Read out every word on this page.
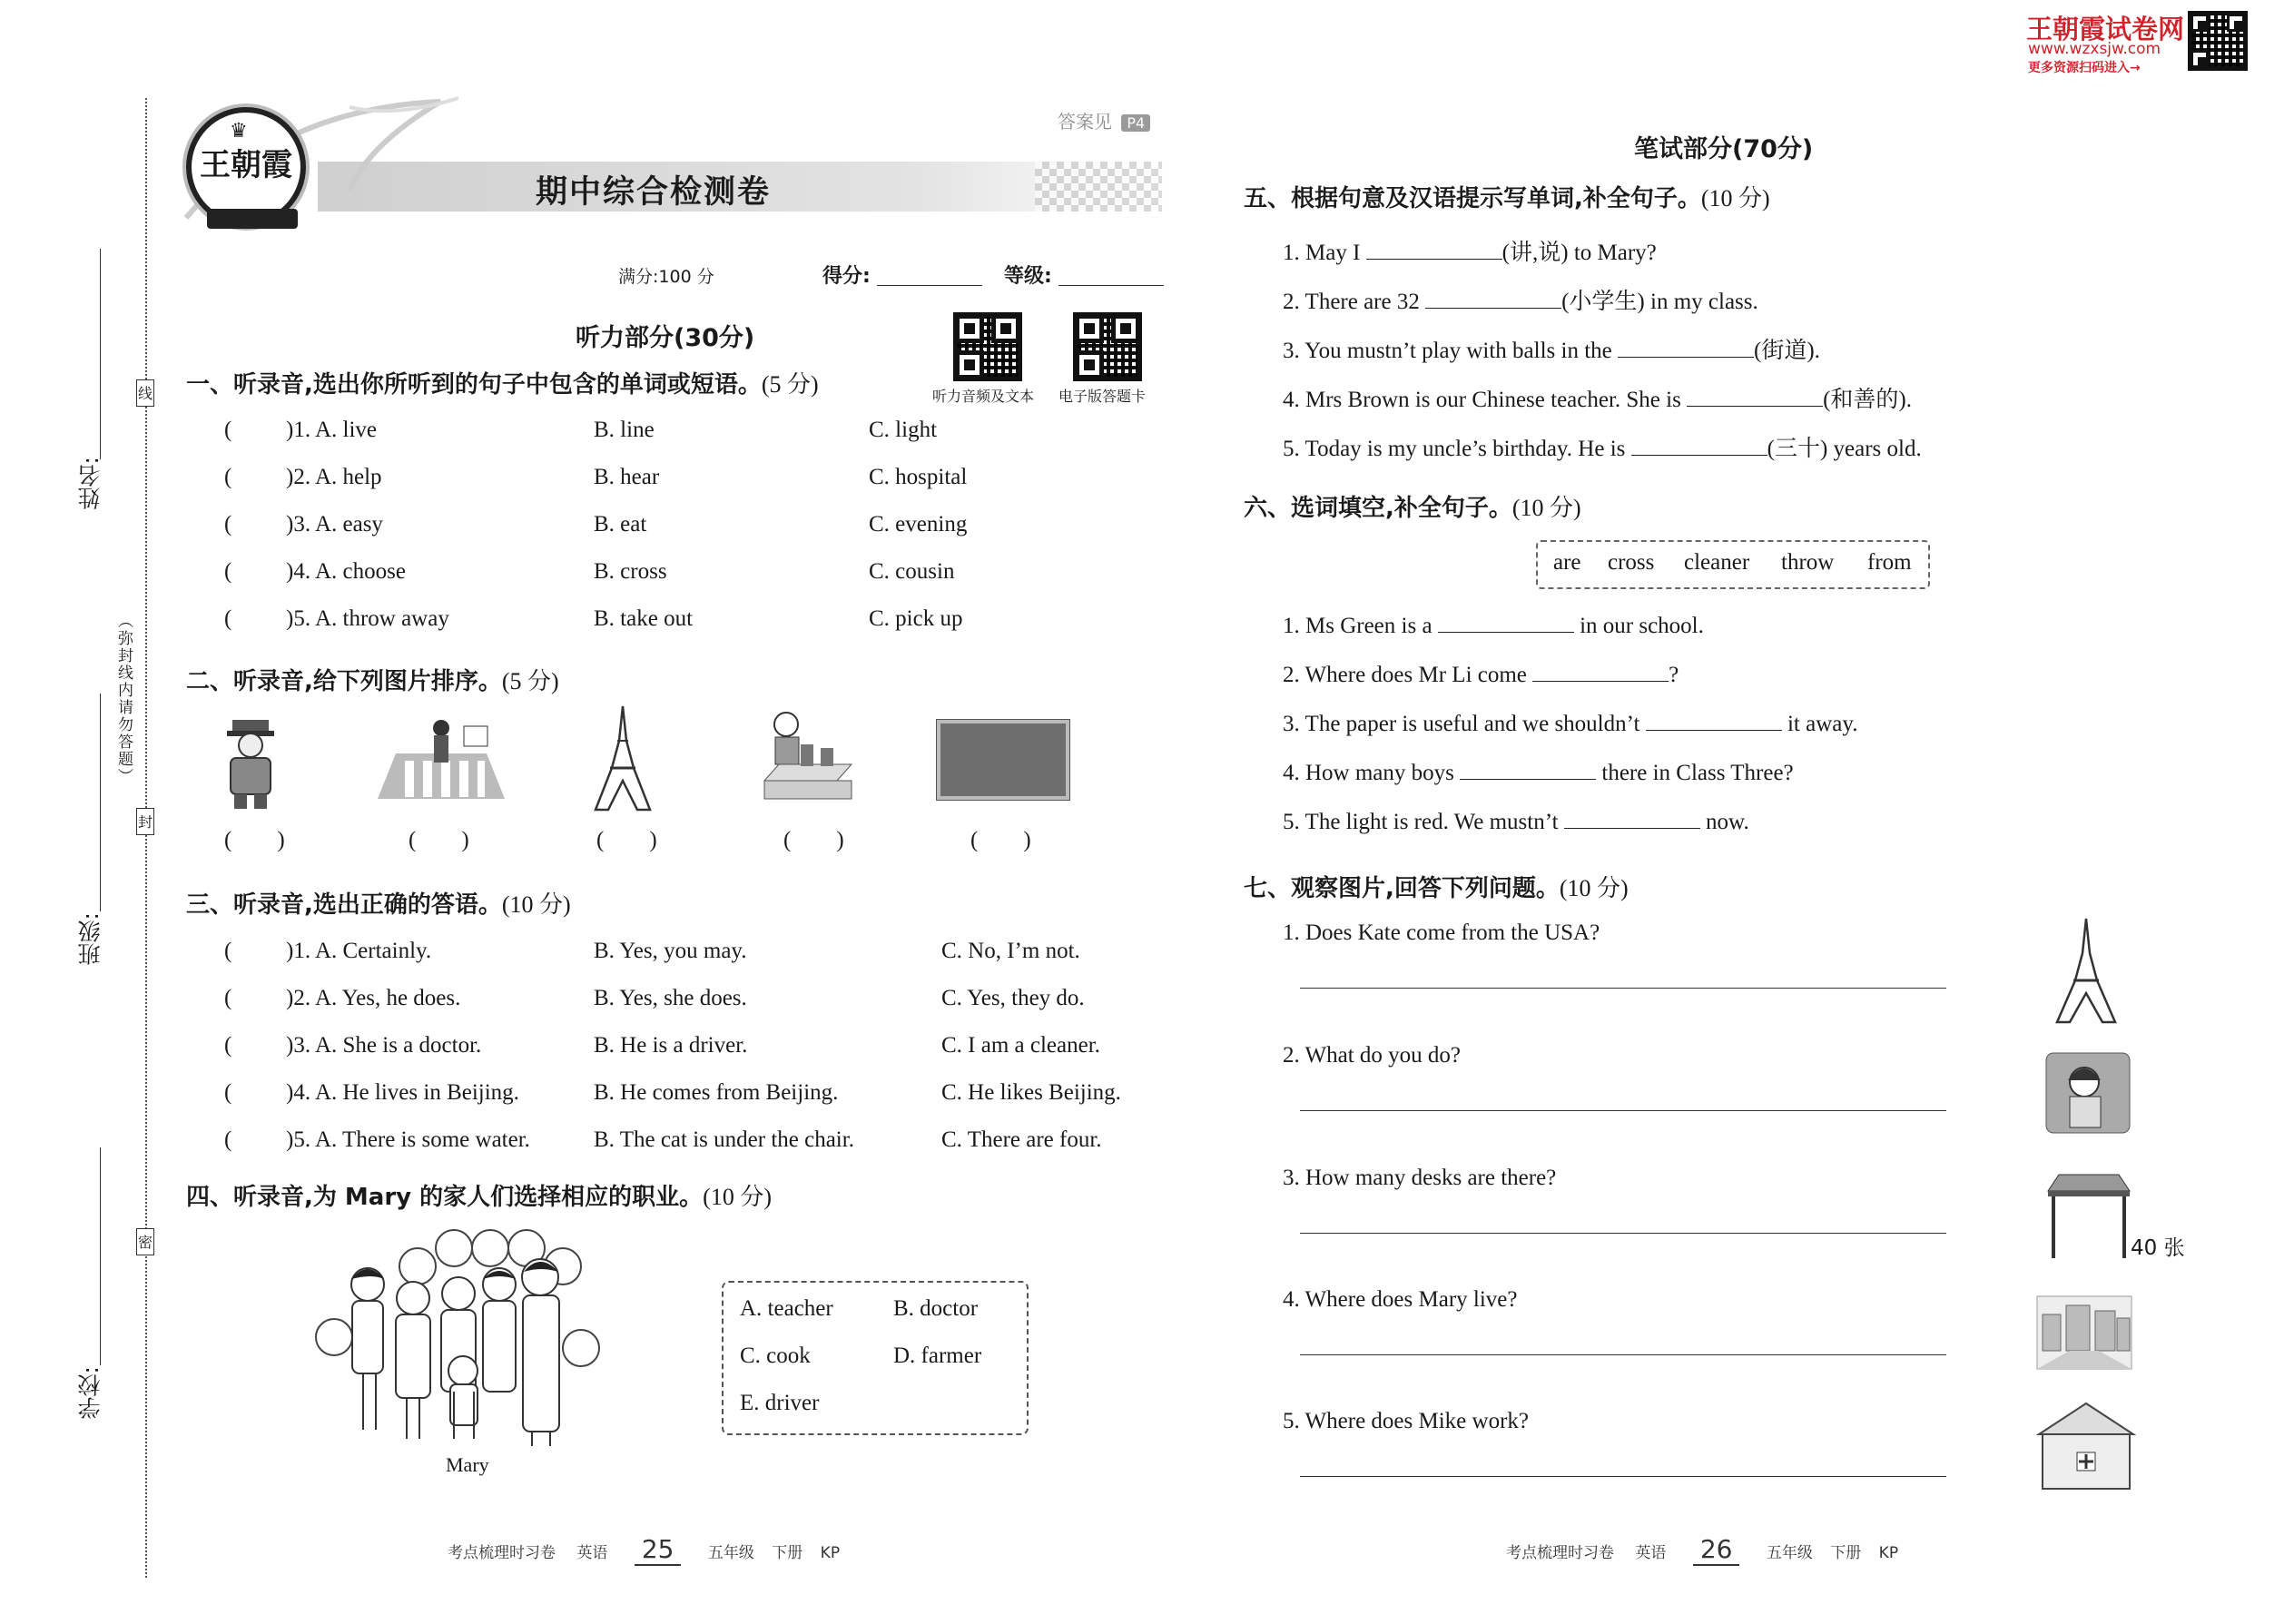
王朝霞试卷网
www.wzxsjw.com
更多资源扫码进入→
线
封
密
（弥封线内请勿答题）
姓名:
班级:
学校:
王朝霞
♛
期中综合检测卷
答案见 P4
满分:100 分	得分:	等级:
听力音频及文本 电子版答题卡
听力部分(30分)
一、听录音,选出你所听到的句子中包含的单词或短语。(5 分)
( )1. A. live	B. line	C. light
( )2. A. help	B. hear	C. hospital
( )3. A. easy	B. eat	C. evening
( )4. A. choose	B. cross	C. cousin
( )5. A. throw away	B. take out	C. pick up
二、听录音,给下列图片排序。(5 分)
(  )	(  )	(  )	(  )	(  )
三、听录音,选出正确的答语。(10 分)
( )1. A. Certainly.	B. Yes, you may.	C. No, I’m not.
( )2. A. Yes, he does.	B. Yes, she does.	C. Yes, they do.
( )3. A. She is a doctor.	B. He is a driver.	C. I am a cleaner.
( )4. A. He lives in Beijing.	B. He comes from Beijing.	C. He likes Beijing.
( )5. A. There is some water.	B. The cat is under the chair.	C. There are four.
四、听录音,为 Mary 的家人们选择相应的职业。(10 分)
Mary
A. teacher	B. doctor
C. cook	D. farmer
E. driver
笔试部分(70分)
五、根据句意及汉语提示写单词,补全句子。(10 分)
1. May I	(讲,说) to Mary?
2. There are 32	(小学生) in my class.
3. You mustn’t play with balls in the	(街道).
4. Mrs Brown is our Chinese teacher. She is	(和善的).
5. Today is my uncle’s birthday. He is	(三十) years old.
六、选词填空,补全句子。(10 分)
are cross cleaner throw from
1. Ms Green is a	in our school.
2. Where does Mr Li come	?
3. The paper is useful and we shouldn’t	it away.
4. How many boys	there in Class Three?
5. The light is red. We mustn’t	now.
七、观察图片,回答下列问题。(10 分)
1. Does Kate come from the USA?
2. What do you do?
3. How many desks are there?
4. Where does Mary live?
5. Where does Mike work?
40 张
考点梳理时习卷 英语 25 五年级 下册 KP	考点梳理时习卷 英语 26 五年级 下册 KP
